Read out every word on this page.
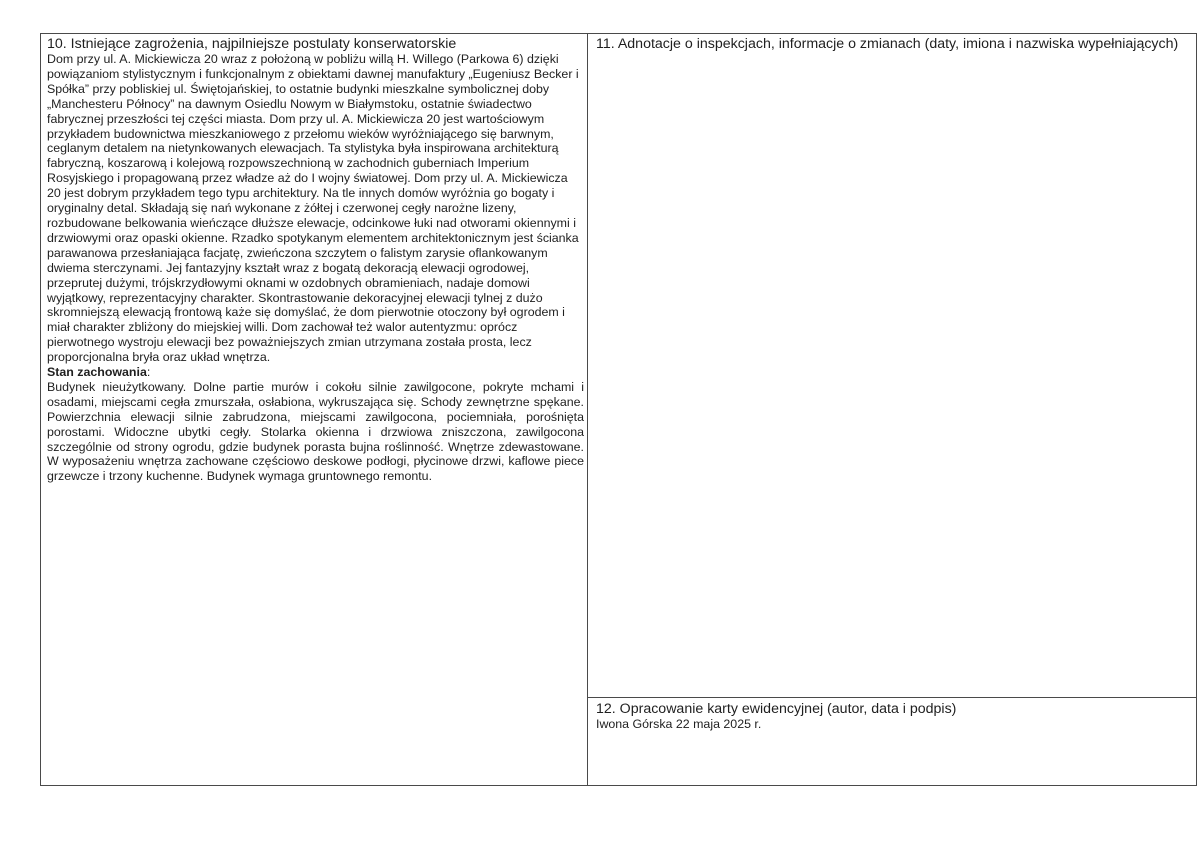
10. Istniejące zagrożenia, najpilniejsze postulaty konserwatorskie

Dom przy ul. A. Mickiewicza 20 wraz z położoną w pobliżu willą H. Willego (Parkowa 6) dzięki powiązaniom stylistycznym i funkcjonalnym z obiektami dawnej manufaktury „Eugeniusz Becker i Spółka” przy pobliskiej ul. Świętojańskiej, to ostatnie budynki mieszkalne symbolicznej doby „Manchesteru Północy” na dawnym Osiedlu Nowym w Białymstoku, ostatnie świadectwo fabrycznej przeszłości tej części miasta. Dom przy ul. A. Mickiewicza 20 jest wartościowym przykładem budownictwa mieszkaniowego z przełomu wieków wyróżniającego się barwnym, ceglanym detalem na nietynkowanych elewacjach. Ta stylistyka była inspirowana architekturą fabryczną, koszarową i kolejową rozpowszechnioną w zachodnich guberniach Imperium Rosyjskiego i propagowaną przez władze aż do I wojny światowej. Dom przy ul. A. Mickiewicza 20 jest dobrym przykładem tego typu architektury. Na tle innych domów wyróżnia go bogaty i oryginalny detal. Składają się nań wykonane z żółtej i czerwonej cegły narożne lizeny, rozbudowane belkowania wieńczące dłuższe elewacje, odcinkowe łuki nad otworami okiennymi i drzwiowymi oraz opaski okienne. Rzadko spotykanym elementem architektonicznym jest ścianka parawanowa przesłaniająca facjatę, zwieńczona szczytem o falistym zarysie oflankowanym dwiema sterczynami. Jej fantazyjny kształt wraz z bogatą dekoracją elewacji ogrodowej, przeprutej dużymi, trójskrzydłowymi oknami w ozdobnych obramieniach, nadaje domowi wyjątkowy, reprezentacyjny charakter. Skontrastowanie dekoracyjnej elewacji tylnej z dużo skromniejszą elewacją frontową każe się domyślać, że dom pierwotnie otoczony był ogrodem i miał charakter zbliżony do miejskiej willi. Dom zachował też walor autentyzmu: oprócz pierwotnego wystroju elewacji bez poważniejszych zmian utrzymana została prosta, lecz proporcjonalna bryła oraz układ wnętrza.

Stan zachowania:

Budynek nieużytkowany. Dolne partie murów i cokołu silnie zawilgocone, pokryte mchami i osadami, miejscami cegła zmurszała, osłabiona, wykruszająca się. Schody zewnętrzne spękane. Powierzchnia elewacji silnie zabrudzona, miejscami zawilgocona, pociemniała, porośnięta porostami. Widoczne ubytki cegły. Stolarka okienna i drzwiowa zniszczona, zawilgocona szczególnie od strony ogrodu, gdzie budynek porasta bujna roślinność. Wnętrze zdewastowane. W wyposażeniu wnętrza zachowane częściowo deskowe podłogi, płycinowe drzwi, kaflowe piece grzewcze i trzony kuchenne. Budynek wymaga gruntownego remontu.

11. Adnotacje o inspekcjach, informacje o zmianach (daty, imiona i nazwiska wypełniających)

12. Opracowanie karty ewidencyjnej (autor, data i podpis)

Iwona Górska 22 maja 2025 r.
